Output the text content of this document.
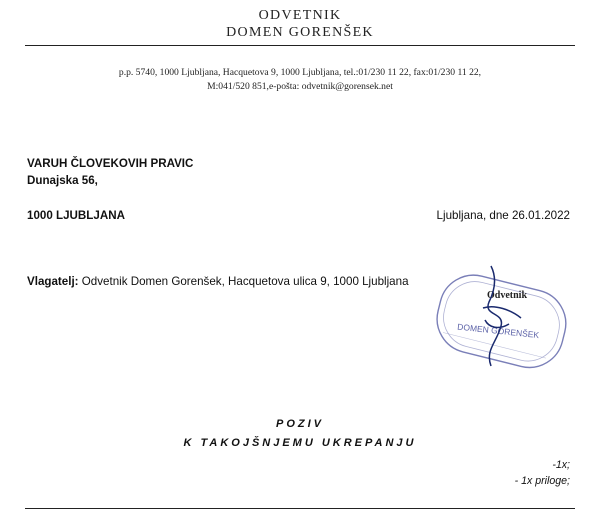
ODVETNIK
DOMEN GORENŠEK
p.p. 5740, 1000 Ljubljana, Hacquetova 9, 1000 Ljubljana, tel.:01/230 11 22, fax:01/230 11 22,
M:041/520 851,e-pošta: odvetnik@gorensek.net
VARUH ČLOVEKOVIH PRAVIC
Dunajska 56,
1000 LJUBLJANA	Ljubljana, dne 26.01.2022
Vlagatelj: Odvetnik Domen Gorenšek, Hacquetova ulica 9, 1000 Ljubljana
Odvetnik
DOMEN GORENŠEK
POZIV
K TAKOJŠNJEMU UKREPANJU
-1x;
- 1x priloge;
